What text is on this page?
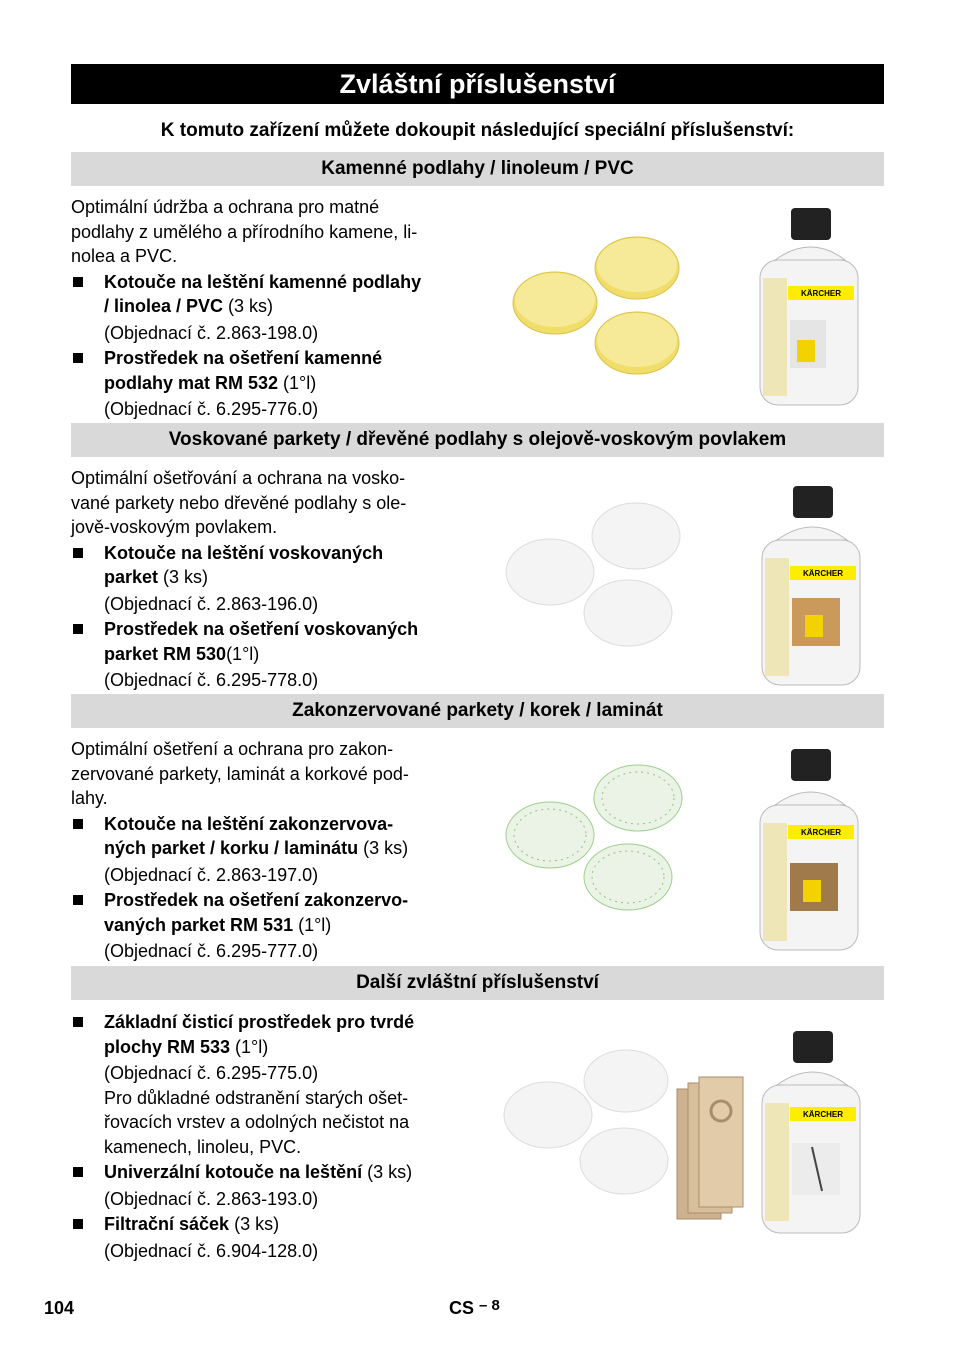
Zvláštní příslušenství
K tomuto zařízení můžete dokoupit následující speciální příslušenství:
Kamenné podlahy / linoleum / PVC

Optimální údržba a ochrana pro matné

podlahy z umělého a přírodního kamene, li-

nolea a PVC.

Kotouče na leštění kamenné podlahy
/ linolea / PVC (3 ks)
(Objednací č. 2.863-198.0)
Prostředek na ošetření kamenné
podlahy mat RM 532 (1°l)
(Objednací č. 6.295-776.0)
KÄRCHER
Voskované parkety / dřevěné podlahy s olejově-voskovým povlakem

Optimální ošetřování a ochrana na vosko-

vané parkety nebo dřevěné podlahy s ole-

jově-voskovým povlakem.

Kotouče na leštění voskovaných
parket (3 ks)
(Objednací č. 2.863-196.0)
Prostředek na ošetření voskovaných
parket RM 530(1°l)
(Objednací č. 6.295-778.0)
KÄRCHER
Zakonzervované parkety / korek / laminát

Optimální ošetření a ochrana pro zakon-

zervované parkety, laminát a korkové pod-

lahy.

Kotouče na leštění zakonzervova-
ných parket / korku / laminátu (3 ks)
(Objednací č. 2.863-197.0)
Prostředek na ošetření zakonzervo-
vaných parket RM 531 (1°l)
(Objednací č. 6.295-777.0)
KÄRCHER
Další zvláštní příslušenství
Základní čisticí prostředek pro tvrdé
plochy RM 533 (1°l)
(Objednací č. 6.295-775.0)
Pro důkladné odstranění starých ošet-
řovacích vrstev a odolných nečistot na
kamenech, linoleu, PVC.
Univerzální kotouče na leštění (3 ks)
(Objednací č. 2.863-193.0)
Filtrační sáček (3 ks)
(Objednací č. 6.904-128.0)
KÄRCHER
104	CS $^{- 8}$
